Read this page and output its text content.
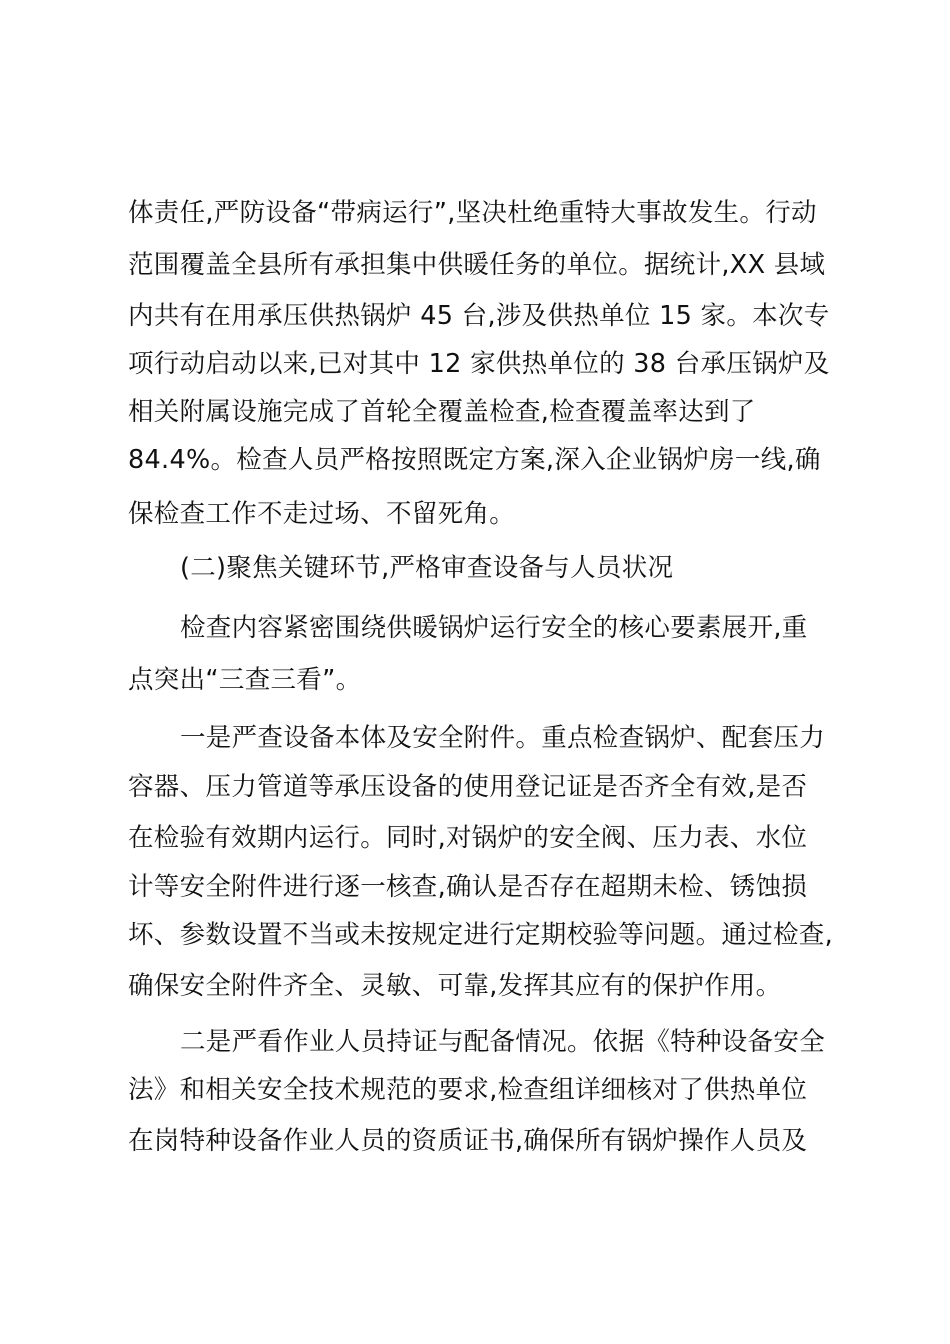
体责任,严防设备“带病运行”,坚决杜绝重特大事故发生。行动
范围覆盖全县所有承担集中供暖任务的单位。据统计,XX 县域
内共有在用承压供热锅炉 45 台,涉及供热单位 15 家。本次专
项行动启动以来,已对其中 12 家供热单位的 38 台承压锅炉及
相关附属设施完成了首轮全覆盖检查,检查覆盖率达到了
84.4%。检查人员严格按照既定方案,深入企业锅炉房一线,确
保检查工作不走过场、不留死角。
(二)聚焦关键环节,严格审查设备与人员状况
检查内容紧密围绕供暖锅炉运行安全的核心要素展开,重
点突出“三查三看”。
一是严查设备本体及安全附件。重点检查锅炉、配套压力
容器、压力管道等承压设备的使用登记证是否齐全有效,是否
在检验有效期内运行。同时,对锅炉的安全阀、压力表、水位
计等安全附件进行逐一核查,确认是否存在超期未检、锈蚀损
坏、参数设置不当或未按规定进行定期校验等问题。通过检查,
确保安全附件齐全、灵敏、可靠,发挥其应有的保护作用。
二是严看作业人员持证与配备情况。依据《特种设备安全
法》和相关安全技术规范的要求,检查组详细核对了供热单位
在岗特种设备作业人员的资质证书,确保所有锅炉操作人员及
